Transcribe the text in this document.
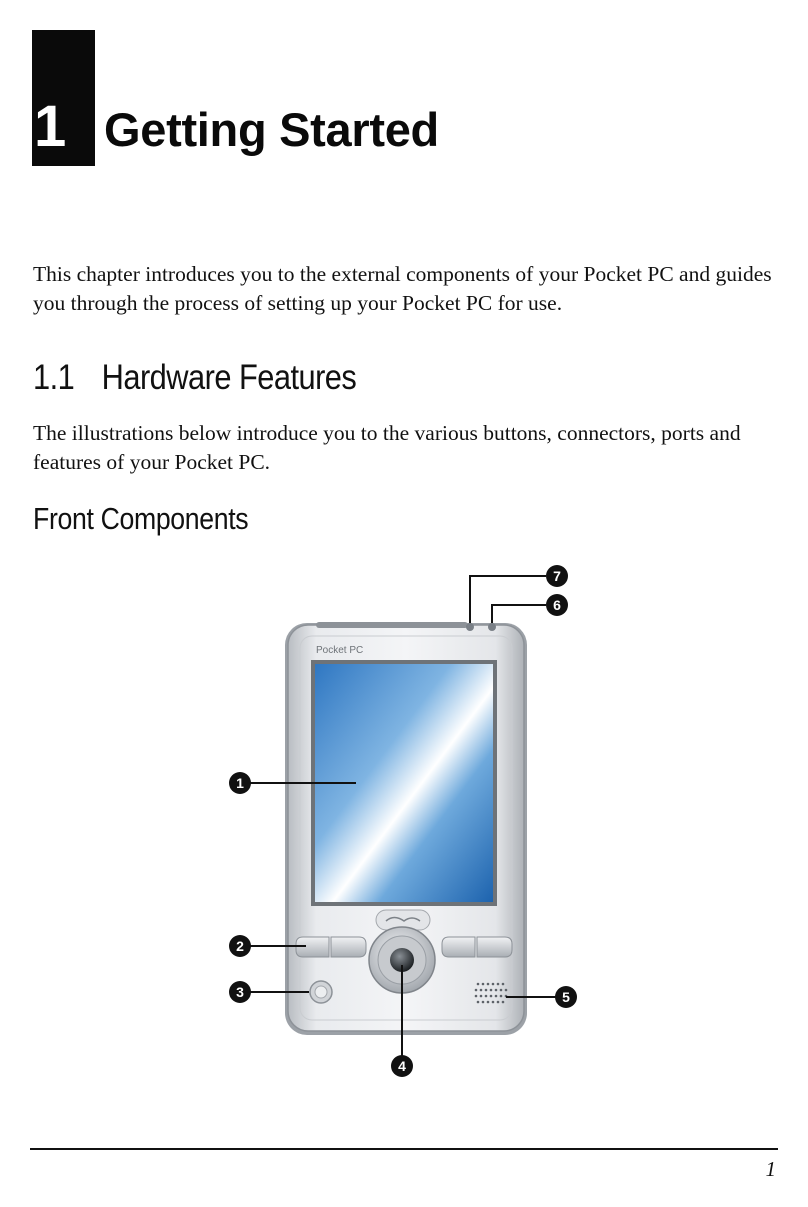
1 Getting Started

This chapter introduces you to the external components of your Pocket PC and guides you through the process of setting up your Pocket PC for use.

1.1 Hardware Features

The illustrations below introduce you to the various buttons, connectors, ports and features of your Pocket PC.

Front Components
Pocket PC
1
2
3
4
5
6
7
1
